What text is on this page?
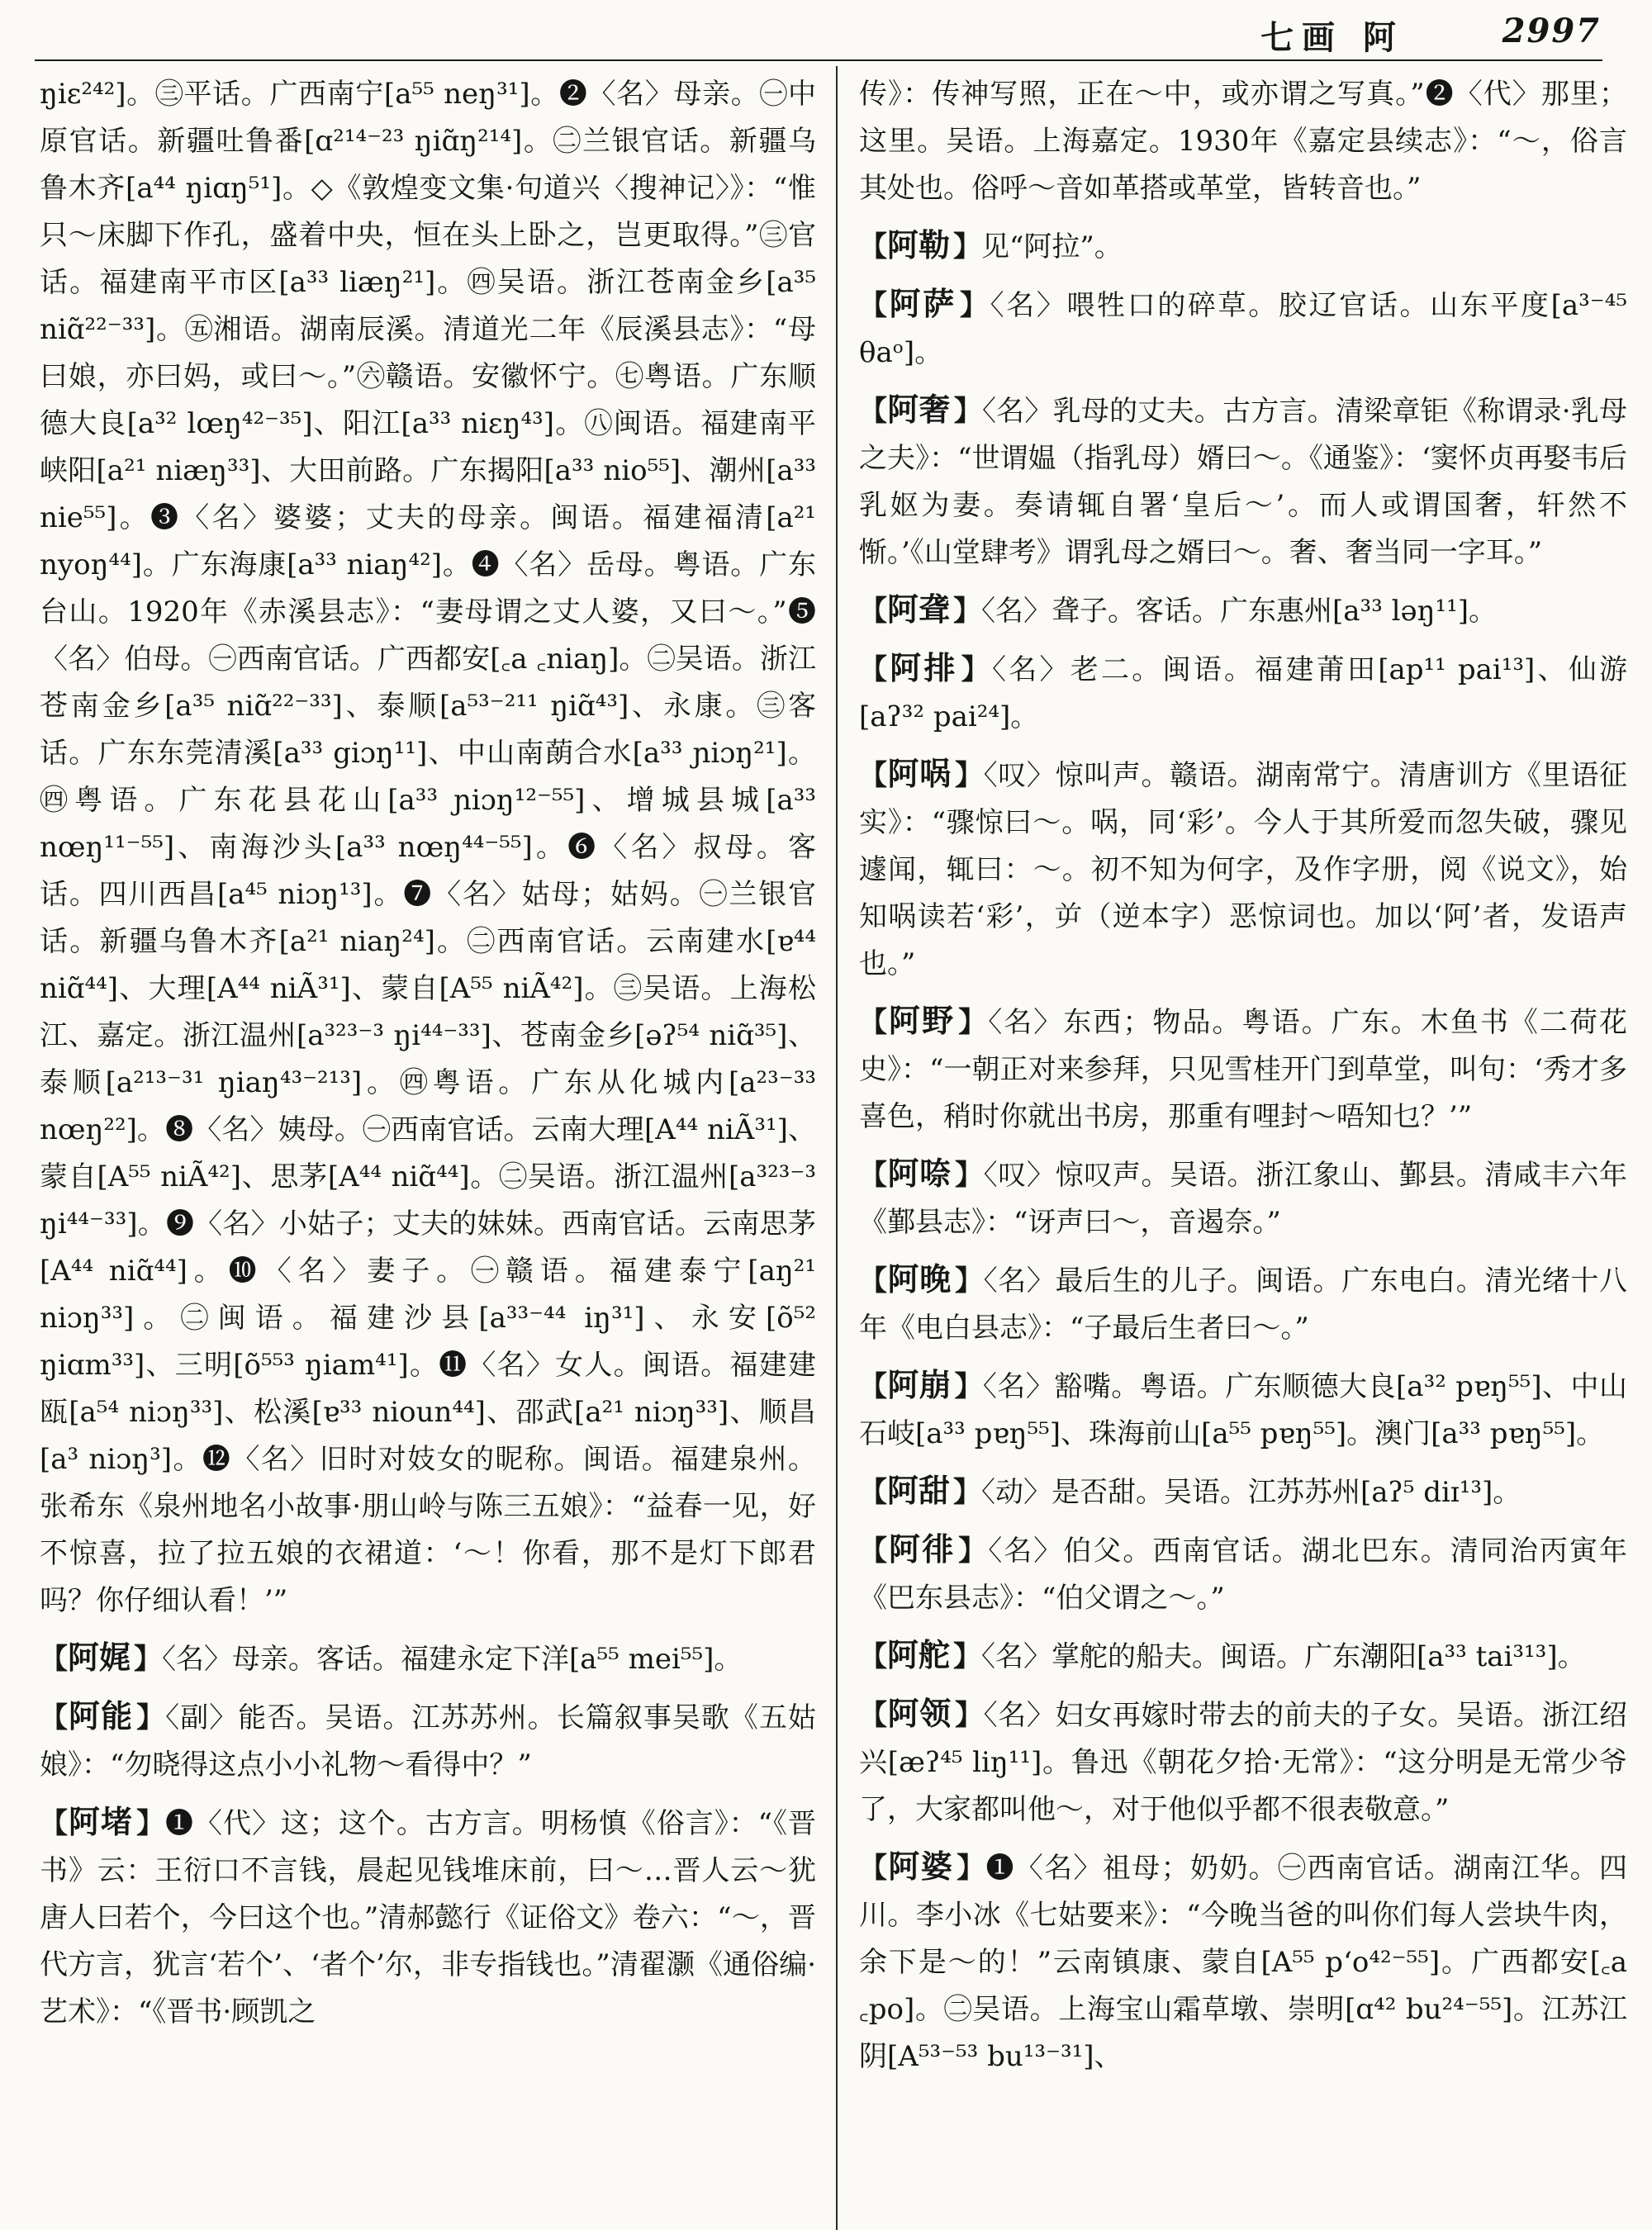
七画 阿	2997
ŋiɛ²⁴²]。㊂平话。广西南宁[a⁵⁵ neŋ³¹]。❷〈名〉母亲。㊀中原官话。新疆吐鲁番[ɑ²¹⁴⁻²³ ŋiɑ̃ŋ²¹⁴]。㊁兰银官话。新疆乌鲁木齐[a⁴⁴ ŋiɑŋ⁵¹]。◇《敦煌变文集·句道兴〈搜神记〉》：“惟只～床脚下作孔，盛着中央，恒在头上卧之，岂更取得。”㊂官话。福建南平市区[a³³ liæŋ²¹]。㊃吴语。浙江苍南金乡[a³⁵ niɑ̃²²⁻³³]。㊄湘语。湖南辰溪。清道光二年《辰溪县志》：“母曰娘，亦曰妈，或曰～。”㊅赣语。安徽怀宁。㊆粤语。广东顺德大良[a³² lœŋ⁴²⁻³⁵]、阳江[a³³ niɛŋ⁴³]。㊇闽语。福建南平峡阳[a²¹ niæŋ³³]、大田前路。广东揭阳[a³³ nio⁵⁵]、潮州[a³³ nie⁵⁵]。❸〈名〉婆婆；丈夫的母亲。闽语。福建福清[a²¹ nyoŋ⁴⁴]。广东海康[a³³ niaŋ⁴²]。❹〈名〉岳母。粤语。广东台山。1920年《赤溪县志》：“妻母谓之丈人婆，又曰～。”❺〈名〉伯母。㊀西南官话。广西都安[꜀a ꜀niaŋ]。㊁吴语。浙江苍南金乡[a³⁵ niɑ̃²²⁻³³]、泰顺[a⁵³⁻²¹¹ ŋiɑ̃⁴³]、永康。㊂客话。广东东莞清溪[a³³ giɔŋ¹¹]、中山南蓢合水[a³³ ɲiɔŋ²¹]。㊃粤语。广东花县花山[a³³ ɲiɔŋ¹²⁻⁵⁵]、增城县城[a³³ nœŋ¹¹⁻⁵⁵]、南海沙头[a³³ nœŋ⁴⁴⁻⁵⁵]。❻〈名〉叔母。客话。四川西昌[a⁴⁵ niɔŋ¹³]。❼〈名〉姑母；姑妈。㊀兰银官话。新疆乌鲁木齐[a²¹ niaŋ²⁴]。㊁西南官话。云南建水[ɐ⁴⁴ niɑ̃⁴⁴]、大理[A⁴⁴ niÃ³¹]、蒙自[A⁵⁵ niÃ⁴²]。㊂吴语。上海松江、嘉定。浙江温州[a³²³⁻³ ŋi⁴⁴⁻³³]、苍南金乡[əʔ⁵⁴ niɑ̃³⁵]、泰顺[a²¹³⁻³¹ ŋiaŋ⁴³⁻²¹³]。㊃粤语。广东从化城内[a²³⁻³³ nœŋ²²]。❽〈名〉姨母。㊀西南官话。云南大理[A⁴⁴ niÃ³¹]、蒙自[A⁵⁵ niÃ⁴²]、思茅[A⁴⁴ niɑ̃⁴⁴]。㊁吴语。浙江温州[a³²³⁻³ ŋi⁴⁴⁻³³]。❾〈名〉小姑子；丈夫的妹妹。西南官话。云南思茅[A⁴⁴ niɑ̃⁴⁴]。❿〈名〉妻子。㊀赣语。福建泰宁[aŋ²¹ niɔŋ³³]。㊁闽语。福建沙县[a³³⁻⁴⁴ iŋ³¹]、永安[õ⁵² ŋiɑm³³]、三明[õ⁵⁵³ ŋiam⁴¹]。⓫〈名〉女人。闽语。福建建瓯[a⁵⁴ niɔŋ³³]、松溪[ɐ³³ nioun⁴⁴]、邵武[a²¹ niɔŋ³³]、顺昌[a³ niɔŋ³]。⓬〈名〉旧时对妓女的昵称。闽语。福建泉州。张希东《泉州地名小故事·朋山岭与陈三五娘》：“益春一见，好不惊喜，拉了拉五娘的衣裙道：‘～！你看，那不是灯下郎君吗？你仔细认看！’”
【阿娓 】〈名〉母亲。客话。福建永定下洋[a⁵⁵ mei⁵⁵]。
【阿能 】〈副〉能否。吴语。江苏苏州。长篇叙事吴歌《五姑娘》：“勿晓得这点小小礼物～看得中？”
【阿堵 】❶〈代〉这；这个。古方言。明杨慎《俗言》：“《晋书》云：王衍口不言钱，晨起见钱堆床前，曰～…晋人云～犹唐人曰若个，今曰这个也。”清郝懿行《证俗文》卷六：“～，晋代方言，犹言‘若个’、‘者个’尔，非专指钱也。”清翟灏《通俗编·艺术》：“《晋书·顾凯之
传》：传神写照，正在～中，或亦谓之写真。”❷〈代〉那里；这里。吴语。上海嘉定。1930年《嘉定县续志》：“～，俗言其处也。俗呼～音如革搭或革堂，皆转音也。”
【阿勒 】见“阿拉”。
【阿萨 】〈名〉喂牲口的碎草。胶辽官话。山东平度[a³⁻⁴⁵ θaᵒ]。
【阿奢 】〈名〉乳母的丈夫。古方言。清梁章钜《称谓录·乳母之夫》：“世谓媪（指乳母）婿曰～。《通鉴》：‘窦怀贞再娶韦后乳妪为妻。奏请辄自署‘皇后～’。而人或谓国奢，轩然不惭。’《山堂肆考》谓乳母之婿曰～。奢、奢当同一字耳。”
【阿聋 】〈名〉聋子。客话。广东惠州[a³³ ləŋ¹¹]。
【阿排 】〈名〉老二。闽语。福建莆田[ap¹¹ pai¹³]、仙游[aʔ³² pai²⁴]。
【阿㖞 】〈叹〉惊叫声。赣语。湖南常宁。清唐训方《里语征实》：“骤惊曰～。㖞，同‘彩’。今人于其所爱而忽失破，骤见遽闻，辄曰：～。初不知为何字，及作字册，阅《说文》，始知㖞读若‘彩’，屰（逆本字）恶惊词也。加以‘阿’者，发语声也。”
【阿野 】〈名〉东西；物品。粤语。广东。木鱼书《二荷花史》：“一朝正对来参拜，只见雪桂开门到草堂，叫句：‘秀才多喜色，稍时你就出书房，那重有哩封～唔知乜？’”
【阿㖠 】〈叹〉惊叹声。吴语。浙江象山、鄞县。清咸丰六年《鄞县志》：“讶声曰～，音遏奈。”
【阿晚 】〈名〉最后生的儿子。闽语。广东电白。清光绪十八年《电白县志》：“子最后生者曰～。”
【阿崩 】〈名〉豁嘴。粤语。广东顺德大良[a³² pɐŋ⁵⁵]、中山石岐[a³³ pɐŋ⁵⁵]、珠海前山[a⁵⁵ pɐŋ⁵⁵]。澳门[a³³ pɐŋ⁵⁵]。
【阿甜 】〈动〉是否甜。吴语。江苏苏州[aʔ⁵ diɪ¹³]。
【阿徘 】〈名〉伯父。西南官话。湖北巴东。清同治丙寅年《巴东县志》：“伯父谓之～。”
【阿舵 】〈名〉掌舵的船夫。闽语。广东潮阳[a³³ tai³¹³]。
【阿领 】〈名〉妇女再嫁时带去的前夫的子女。吴语。浙江绍兴[æʔ⁴⁵ liŋ¹¹]。鲁迅《朝花夕拾·无常》：“这分明是无常少爷了，大家都叫他～，对于他似乎都不很表敬意。”
【阿婆 】❶〈名〉祖母；奶奶。㊀西南官话。湖南江华。四川。李小冰《七姑要来》：“今晚当爸的叫你们每人尝块牛肉，余下是～的！”云南镇康、蒙自[A⁵⁵ pʻo⁴²⁻⁵⁵]。广西都安[꜀a ꜀po]。㊁吴语。上海宝山霜草墩、崇明[ɑ⁴² bu²⁴⁻⁵⁵]。江苏江阴[A⁵³⁻⁵³ bu¹³⁻³¹]、
